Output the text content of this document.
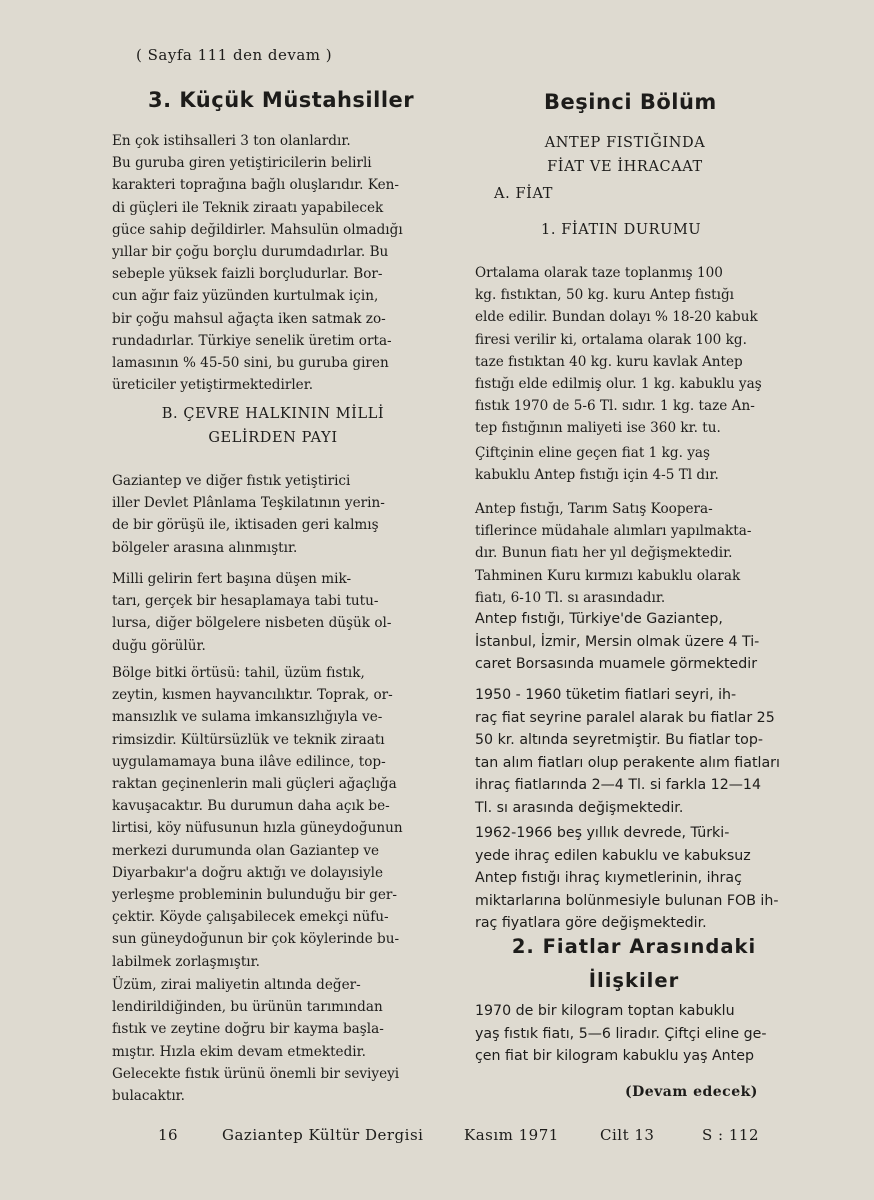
( Sayfa 111 den devam )
3. Küçük Müstahsiller
En çok istihsalleri 3 ton olanlardır.
Bu guruba giren yetiştiricilerin belirli
karakteri toprağına bağlı oluşlarıdır. Ken-
di güçleri ile Teknik ziraatı yapabilecek
güce sahip değildirler. Mahsulün olmadığı
yıllar bir çoğu borçlu durumdadırlar. Bu
sebeple yüksek faizli borçludurlar. Bor-
cun ağır faiz yüzünden kurtulmak için,
bir çoğu mahsul ağaçta iken satmak zo-
rundadırlar. Türkiye senelik üretim orta-
lamasının % 45-50 sini, bu guruba giren
üreticiler yetiştirmektedirler.
B. ÇEVRE HALKININ MİLLİ
GELİRDEN PAYI
Gaziantep ve diğer fıstık yetiştirici
iller Devlet Plânlama Teşkilatının yerin-
de bir görüşü ile, iktisaden geri kalmış
bölgeler arasına alınmıştır.
Milli gelirin fert başına düşen mik-
tarı, gerçek bir hesaplamaya tabi tutu-
lursa, diğer bölgelere nisbeten düşük ol-
duğu görülür.
Bölge bitki örtüsü: tahil, üzüm fıstık,
zeytin, kısmen hayvancılıktır. Toprak, or-
mansızlık ve sulama imkansızlığıyla ve-
rimsizdir. Kültürsüzlük ve teknik ziraatı
uygulamamaya buna ilâve edilince, top-
raktan geçinenlerin mali güçleri ağaçlığa
kavuşacaktır. Bu durumun daha açık be-
lirtisi, köy nüfusunun hızla güneydoğunun
merkezi durumunda olan Gaziantep ve
Diyarbakır'a doğru aktığı ve dolayısiyle
yerleşme probleminin bulunduğu bir ger-
çektir. Köyde çalışabilecek emekçi nüfu-
sun güneydoğunun bir çok köylerinde bu-
labilmek zorlaşmıştır.
Üzüm, zirai maliyetin altında değer-
lendirildiğinden, bu ürünün tarımından
fıstık ve zeytine doğru bir kayma başla-
mıştır. Hızla ekim devam etmektedir.
Gelecekte fıstık ürünü önemli bir seviyeyi
bulacaktır.
Beşinci Bölüm
ANTEP FISTIĞINDA
FİAT VE İHRACAAT
A. FİAT
1. FİATIN DURUMU
Ortalama olarak taze toplanmış 100
kg. fıstıktan, 50 kg. kuru Antep fıstığı
elde edilir. Bundan dolayı % 18-20 kabuk
firesi verilir ki, ortalama olarak 100 kg.
taze fıstıktan 40 kg. kuru kavlak Antep
fıstığı elde edilmiş olur. 1 kg. kabuklu yaş
fıstık 1970 de 5-6 Tl. sıdır. 1 kg. taze An-
tep fıstığının maliyeti ise 360 kr. tu.
Çiftçinin eline geçen fiat 1 kg. yaş
kabuklu Antep fıstığı için 4-5 Tl dır.
Antep fıstığı, Tarım Satış Koopera-
tiflerince müdahale alımları yapılmakta-
dır. Bunun fiatı her yıl değişmektedir.
Tahminen Kuru kırmızı kabuklu olarak
fiatı, 6-10 Tl. sı arasındadır.
Antep fıstığı, Türkiye'de Gaziantep,
İstanbul, İzmir, Mersin olmak üzere 4 Ti-
caret Borsasında muamele görmektedir
1950 - 1960 tüketim fiatlari seyri, ih-
raç fiat seyrine paralel alarak bu fiatlar 25
50 kr. altında seyretmiştir. Bu fiatlar top-
tan alım fiatları olup perakente alım fiatları
ihraç fiatlarında 2—4 Tl. si farkla 12—14
Tl. sı arasında değişmektedir.
1962-1966 beş yıllık devrede, Türki-
yede ihraç edilen kabuklu ve kabuksuz
Antep fıstığı ihraç kıymetlerinin, ihraç
miktarlarına bolünmesiyle bulunan FOB ih-
raç fiyatlara göre değişmektedir.
2. Fiatlar Arasındaki
İlişkiler
1970 de bir kilogram toptan kabuklu
yaş fıstık fiatı, 5—6 liradır. Çiftçi eline ge-
çen fiat bir kilogram kabuklu yaş Antep
(Devam edecek)
16	Gaziantep Kültür Dergisi	Kasım 1971	Cilt 13	S : 112
